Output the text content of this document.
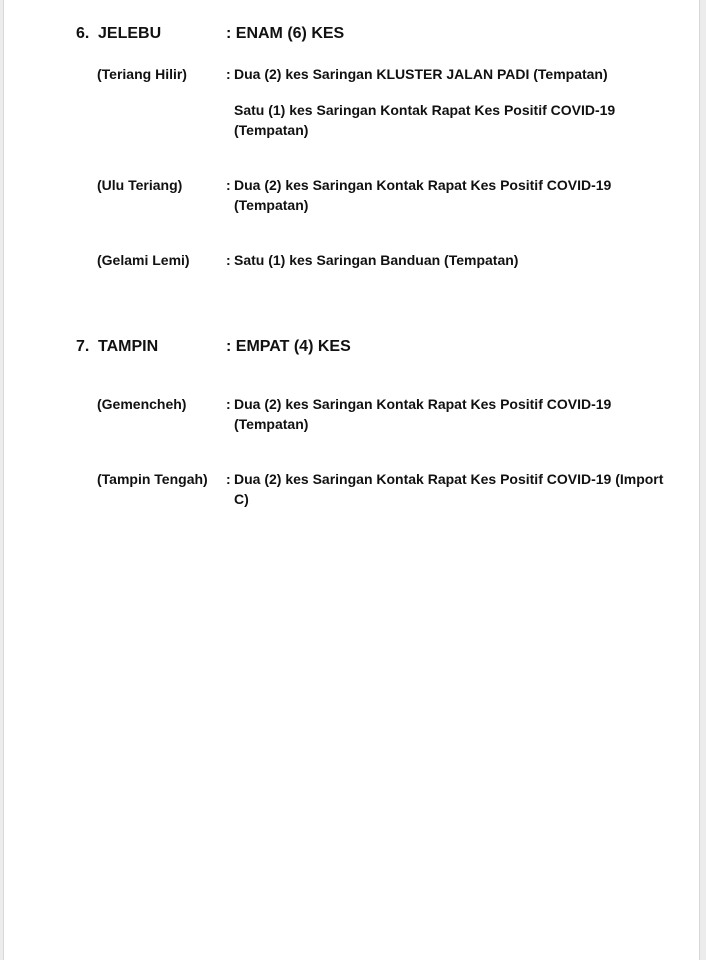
6. JELEBU	: ENAM (6) KES
(Teriang Hilir)	: Dua (2) kes Saringan KLUSTER JALAN PADI (Tempatan)
Satu (1) kes Saringan Kontak Rapat Kes Positif COVID-19 (Tempatan)
(Ulu Teriang)	: Dua (2) kes Saringan Kontak Rapat Kes Positif COVID-19 (Tempatan)
(Gelami Lemi)	: Satu (1) kes Saringan Banduan (Tempatan)
7. TAMPIN	: EMPAT (4) KES
(Gemencheh)	: Dua (2) kes Saringan Kontak Rapat Kes Positif COVID-19 (Tempatan)
(Tampin Tengah) : Dua (2) kes Saringan Kontak Rapat Kes Positif COVID-19 (Import C)
